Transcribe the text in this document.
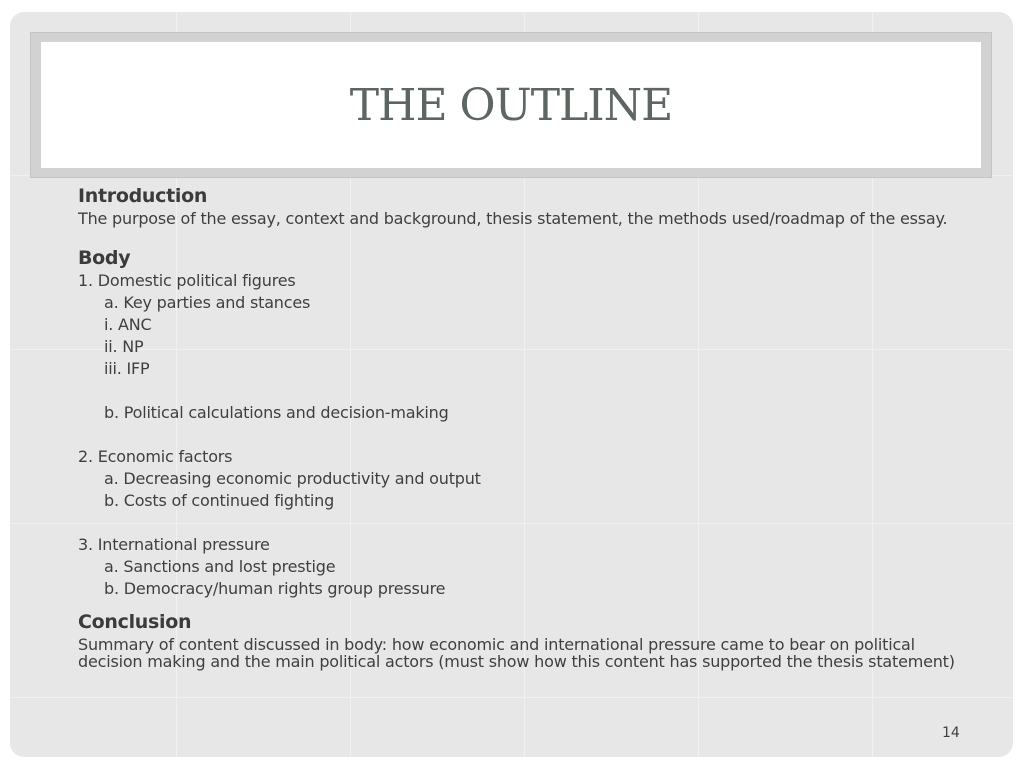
THE OUTLINE
Introduction

The purpose of the essay, context and background, thesis statement, the methods used/roadmap of the essay.

Body
1. Domestic political figures
a. Key parties and stances
i. ANC
ii. NP
iii. IFP
b. Political calculations and decision-making
2. Economic factors
a. Decreasing economic productivity and output
b. Costs of continued fighting
3. International pressure
a. Sanctions and lost prestige
b. Democracy/human rights group pressure
Conclusion

Summary of content discussed in body: how economic and international pressure came to bear on political decision making and the main political actors (must show how this content has supported the thesis statement)

14
